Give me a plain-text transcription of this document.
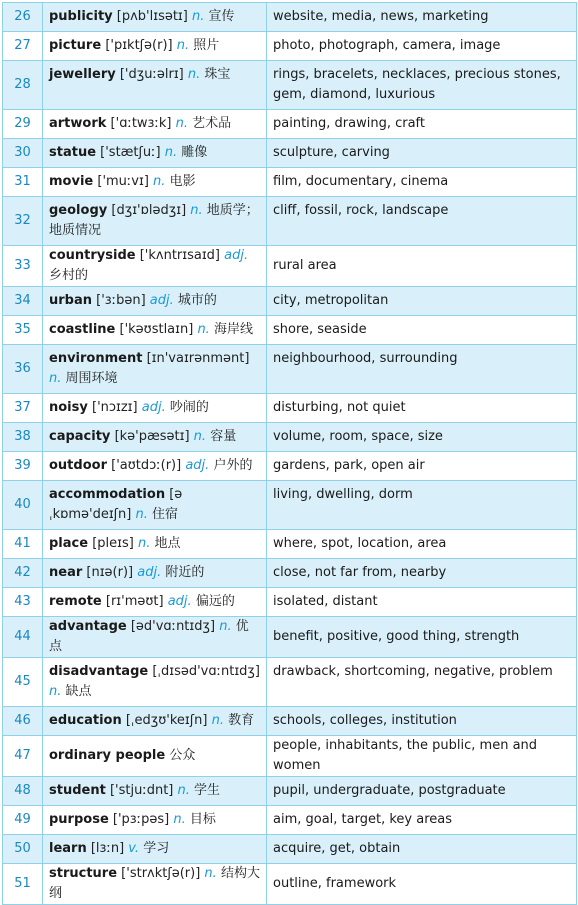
26	publicity [pʌb'lɪsətɪ] n. 宣传	website, media, news, marketing
27	picture ['pɪktʃə(r)] n. 照片	photo, photograph, camera, image
28	jewellery ['dʒuːəlrɪ] n. 珠宝	rings, bracelets, necklaces, precious stones, gem, diamond, luxurious
29	artwork ['ɑːtwɜːk] n. 艺术品	painting, drawing, craft
30	statue ['stætʃuː] n. 雕像	sculpture, carving
31	movie ['muːvɪ] n. 电影	film, documentary, cinema
32	geology [dʒɪ'ɒlədʒɪ] n. 地质学；地质情况	cliff, fossil, rock, landscape
33	countryside ['kʌntrɪsaɪd] adj. 乡村的	rural area
34	urban ['ɜːbən] adj. 城市的	city, metropolitan
35	coastline ['kəʊstlaɪn] n. 海岸线	shore, seaside
36	environment [ɪn'vaɪrənmənt] n. 周围环境	neighbourhood, surrounding
37	noisy ['nɔɪzɪ] adj. 吵闹的	disturbing, not quiet
38	capacity [kə'pæsətɪ] n. 容量	volume, room, space, size
39	outdoor ['aʊtdɔː(r)] adj. 户外的	gardens, park, open air
40	accommodation [əˌkɒmə'deɪʃn] n. 住宿	living, dwelling, dorm
41	place [pleɪs] n. 地点	where, spot, location, area
42	near [nɪə(r)] adj. 附近的	close, not far from, nearby
43	remote [rɪ'məʊt] adj. 偏远的	isolated, distant
44	advantage [əd'vɑːntɪdʒ] n. 优点	benefit, positive, good thing, strength
45	disadvantage [ˌdɪsəd'vɑːntɪdʒ] n. 缺点	drawback, shortcoming, negative, problem
46	education [ˌedʒʊ'keɪʃn] n. 教育	schools, colleges, institution
47	ordinary people 公众	people, inhabitants, the public, men and women
48	student ['stjuːdnt] n. 学生	pupil, undergraduate, postgraduate
49	purpose ['pɜːpəs] n. 目标	aim, goal, target, key areas
50	learn [lɜːn] v. 学习	acquire, get, obtain
51	structure ['strʌktʃə(r)] n. 结构大纲	outline, framework
